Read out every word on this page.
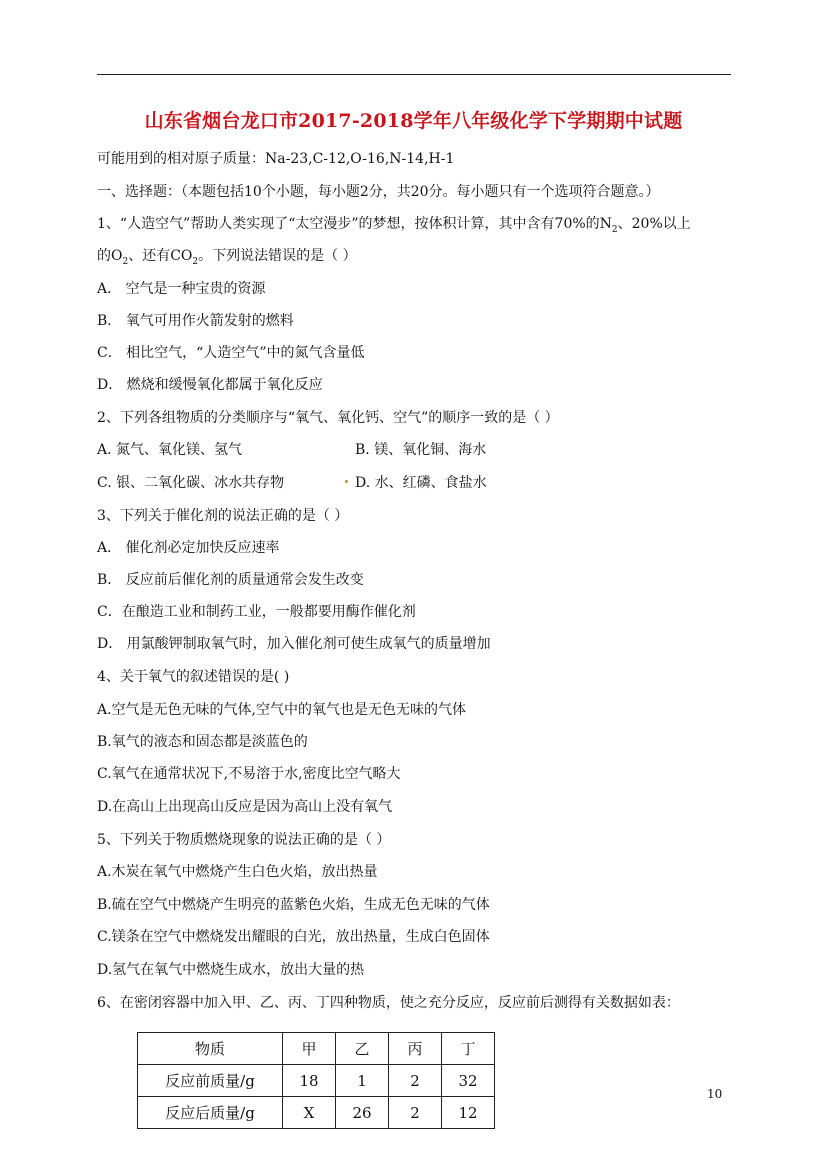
山东省烟台龙口市2017-2018学年八年级化学下学期期中试题
可能用到的相对原子质量：Na-23,C-12,O-16,N-14,H-1
一、选择题：（本题包括10个小题，每小题2分，共20分。每小题只有一个选项符合题意。）
1、“人造空气”帮助人类实现了“太空漫步”的梦想，按体积计算，其中含有70%的$N_2$、20%以上
的$O_2$、还有$CO_2$。下列说法错误的是（ ）
A． 空气是一种宝贵的资源
B． 氧气可用作火箭发射的燃料
C． 相比空气，“人造空气”中的氮气含量低
D． 燃烧和缓慢氧化都属于氧化反应
2、下列各组物质的分类顺序与“氧气、氧化钙、空气”的顺序一致的是（ ）
A. 氮气、氧化镁、氢气	B. 镁、氧化铜、海水
C. 银、二氧化碳、冰水共存物	D. 水、红磷、食盐水
3、下列关于催化剂的说法正确的是（ ）
A． 催化剂必定加快反应速率
B． 反应前后催化剂的质量通常会发生改变
C．在酿造工业和制药工业，一般都要用酶作催化剂
D． 用氯酸钾制取氧气时，加入催化剂可使生成氧气的质量增加
4、关于氧气的叙述错误的是( )
A.空气是无色无味的气体,空气中的氧气也是无色无味的气体
B.氧气的液态和固态都是淡蓝色的
C.氧气在通常状况下,不易溶于水,密度比空气略大
D.在高山上出现高山反应是因为高山上没有氧气
5、下列关于物质燃烧现象的说法正确的是（ ）
A.木炭在氧气中燃烧产生白色火焰，放出热量
B.硫在空气中燃烧产生明亮的蓝紫色火焰，生成无色无味的气体
C.镁条在空气中燃烧发出耀眼的白光，放出热量，生成白色固体
D.氢气在氧气中燃烧生成水，放出大量的热
6、在密闭容器中加入甲、乙、丙、丁四种物质，使之充分反应，反应前后测得有关数据如表：
物质	甲	乙	丙	丁
反应前质量/g	18	1	2	32
反应后质量/g	X	26	2	12
10
